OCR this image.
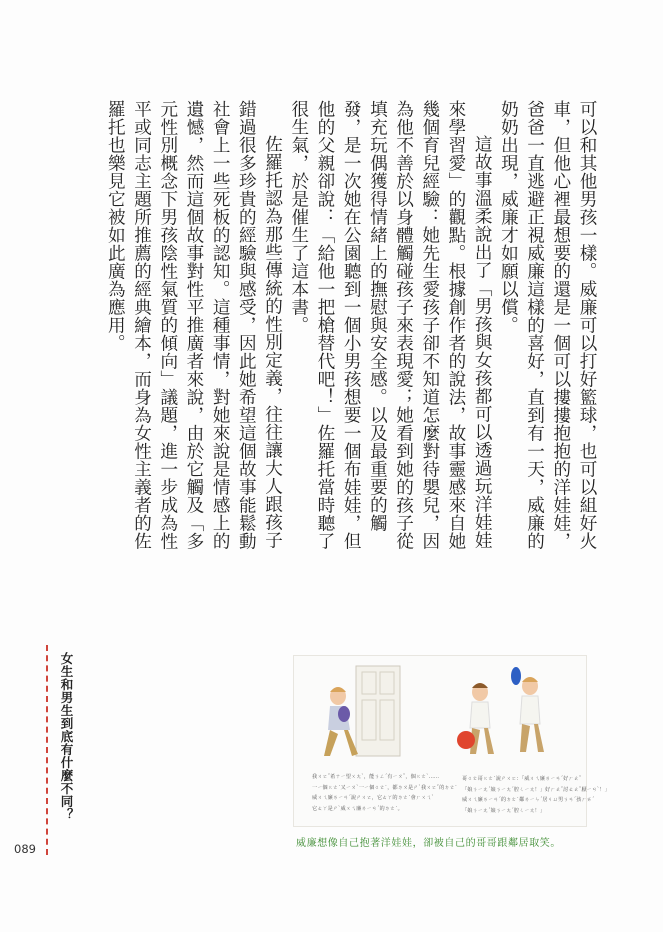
可以和其他男孩一樣。威廉可以打好籃球，也可以組好火車，但他心裡最想要的還是一個可以摟摟抱抱的洋娃娃，爸爸一直逃避正視威廉這樣的喜好，直到有一天，威廉的奶奶出現，威廉才如願以償。

這故事溫柔說出了「男孩與女孩都可以透過玩洋娃娃來學習愛」的觀點。根據創作者的說法，故事靈感來自她幾個育兒經驗：她先生愛孩子卻不知道怎麼對待嬰兒，因為他不善於以身體觸碰孩子來表現愛；她看到她的孩子從填充玩偶獲得情緒上的撫慰與安全感。以及最重要的觸發，是一次她在公園聽到一個小男孩想要一個布娃娃，但他的父親卻說：「給他一把槍替代吧！」佐羅托當時聽了很生氣，於是催生了這本書。

佐羅托認為那些傳統的性別定義，往往讓大人跟孩子錯過很多珍貴的經驗與感受，因此她希望這個故事能鬆動社會上一些死板的認知。這種事情，對她來說是情感上的遺憾，然而這個故事對性平推廣者來說，由於它觸及「多元性別概念下男孩陰性氣質的傾向」議題，進一步成為性平或同志主題所推薦的經典繪本，而身為女性主義者的佐羅托也樂見它被如此廣為應用。

女生和男生到底有什麼不同？
089
我ㄨㄛˇ希ㄒㄧ望ㄨㄤˋ，能ㄋㄥˊ有ㄧㄡˇ，個ㄍㄜˋ……
一ㄧ個ㄍㄜ˙又ㄧㄡˋ一ㄧ個ㄍㄜ˙，都ㄉㄡ是ㄕˋ我ㄨㄛˇ的ㄉㄜ˙
威ㄨㄟ廉ㄌㄧㄢˊ說ㄕㄨㄛ，它ㄊㄚ的ㄉㄜ˙會ㄏㄨㄟˋ
它ㄊㄚ是ㄕˋ威ㄨㄟ廉ㄌㄧㄢˊ的ㄉㄜ˙。
哥ㄍㄜ哥ㄍㄜ˙說ㄕㄨㄛ：「威ㄨㄟ廉ㄌㄧㄢˊ好ㄏㄠˇ
「娘ㄋㄧㄤˊ娘ㄋㄧㄤˊ腔ㄑㄧㄤ！」好ㄏㄠˇ討ㄊㄠˇ厭ㄧㄢˋ！」
威ㄨㄟ廉ㄌㄧㄢˊ的ㄉㄜ˙鄰ㄌㄧㄣˊ居ㄐㄩ男ㄋㄢˊ孩ㄏㄞˊ
「娘ㄋㄧㄤˊ娘ㄋㄧㄤˊ腔ㄑㄧㄤ！」
威廉想像自己抱著洋娃娃，卻被自己的哥哥跟鄰居取笑。
